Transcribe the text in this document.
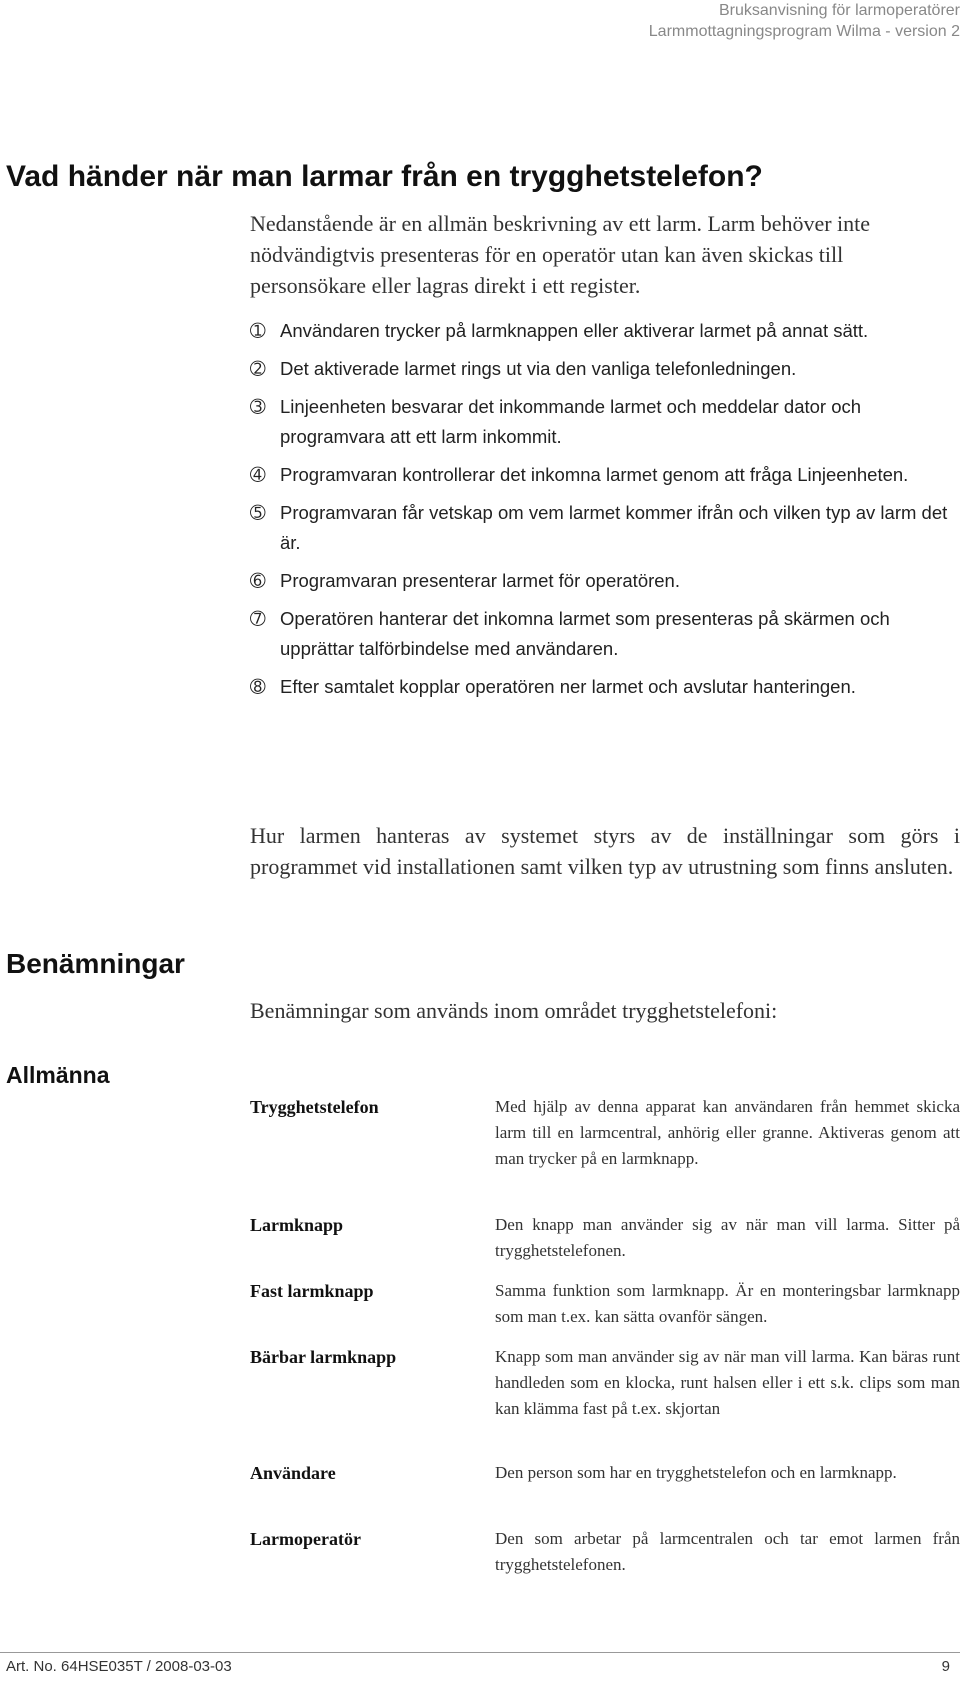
Bruksanvisning för larmoperatörer
Larmmottagningsprogram Wilma - version 2
Vad händer när man larmar från en trygghetstelefon?

Nedanstående är en allmän beskrivning av ett larm. Larm behöver inte nödvändigtvis presenteras för en operatör utan kan även skickas till personsökare eller lagras direkt i ett register.

➀ Användaren trycker på larmknappen eller aktiverar larmet på annat sätt.
➁ Det aktiverade larmet rings ut via den vanliga telefonledningen.
➂ Linjeenheten besvarar det inkommande larmet och meddelar dator och programvara att ett larm inkommit.
➃ Programvaran kontrollerar det inkomna larmet genom att fråga Linjeenheten.
➄ Programvaran får vetskap om vem larmet kommer ifrån och vilken typ av larm det är.
➅ Programvaran presenterar larmet för operatören.
➆ Operatören hanterar det inkomna larmet som presenteras på skärmen och upprättar talförbindelse med användaren.
➇ Efter samtalet kopplar operatören ner larmet och avslutar hanteringen.

Hur larmen hanteras av systemet styrs av de inställningar som görs i programmet vid installationen samt vilken typ av utrustning som finns ansluten.

Benämningar

Benämningar som används inom området trygghetstelefoni:

Allmänna
Trygghetstelefon	Med hjälp av denna apparat kan användaren från hemmet skicka larm till en larmcentral, anhörig eller granne. Aktiveras genom att man trycker på en larmknapp.
Larmknapp	Den knapp man använder sig av när man vill larma. Sitter på trygghetstelefonen.
Fast larmknapp	Samma funktion som larmknapp. Är en monteringsbar larmknapp som man t.ex. kan sätta ovanför sängen.
Bärbar larmknapp	Knapp som man använder sig av när man vill larma. Kan bäras runt handleden som en klocka, runt halsen eller i ett s.k. clips som man kan klämma fast på t.ex. skjortan
Användare	Den person som har en trygghetstelefon och en larmknapp.
Larmoperatör	Den som arbetar på larmcentralen och tar emot larmen från trygghetstelefonen.
Art. No. 64HSE035T / 2008-03-03	9
